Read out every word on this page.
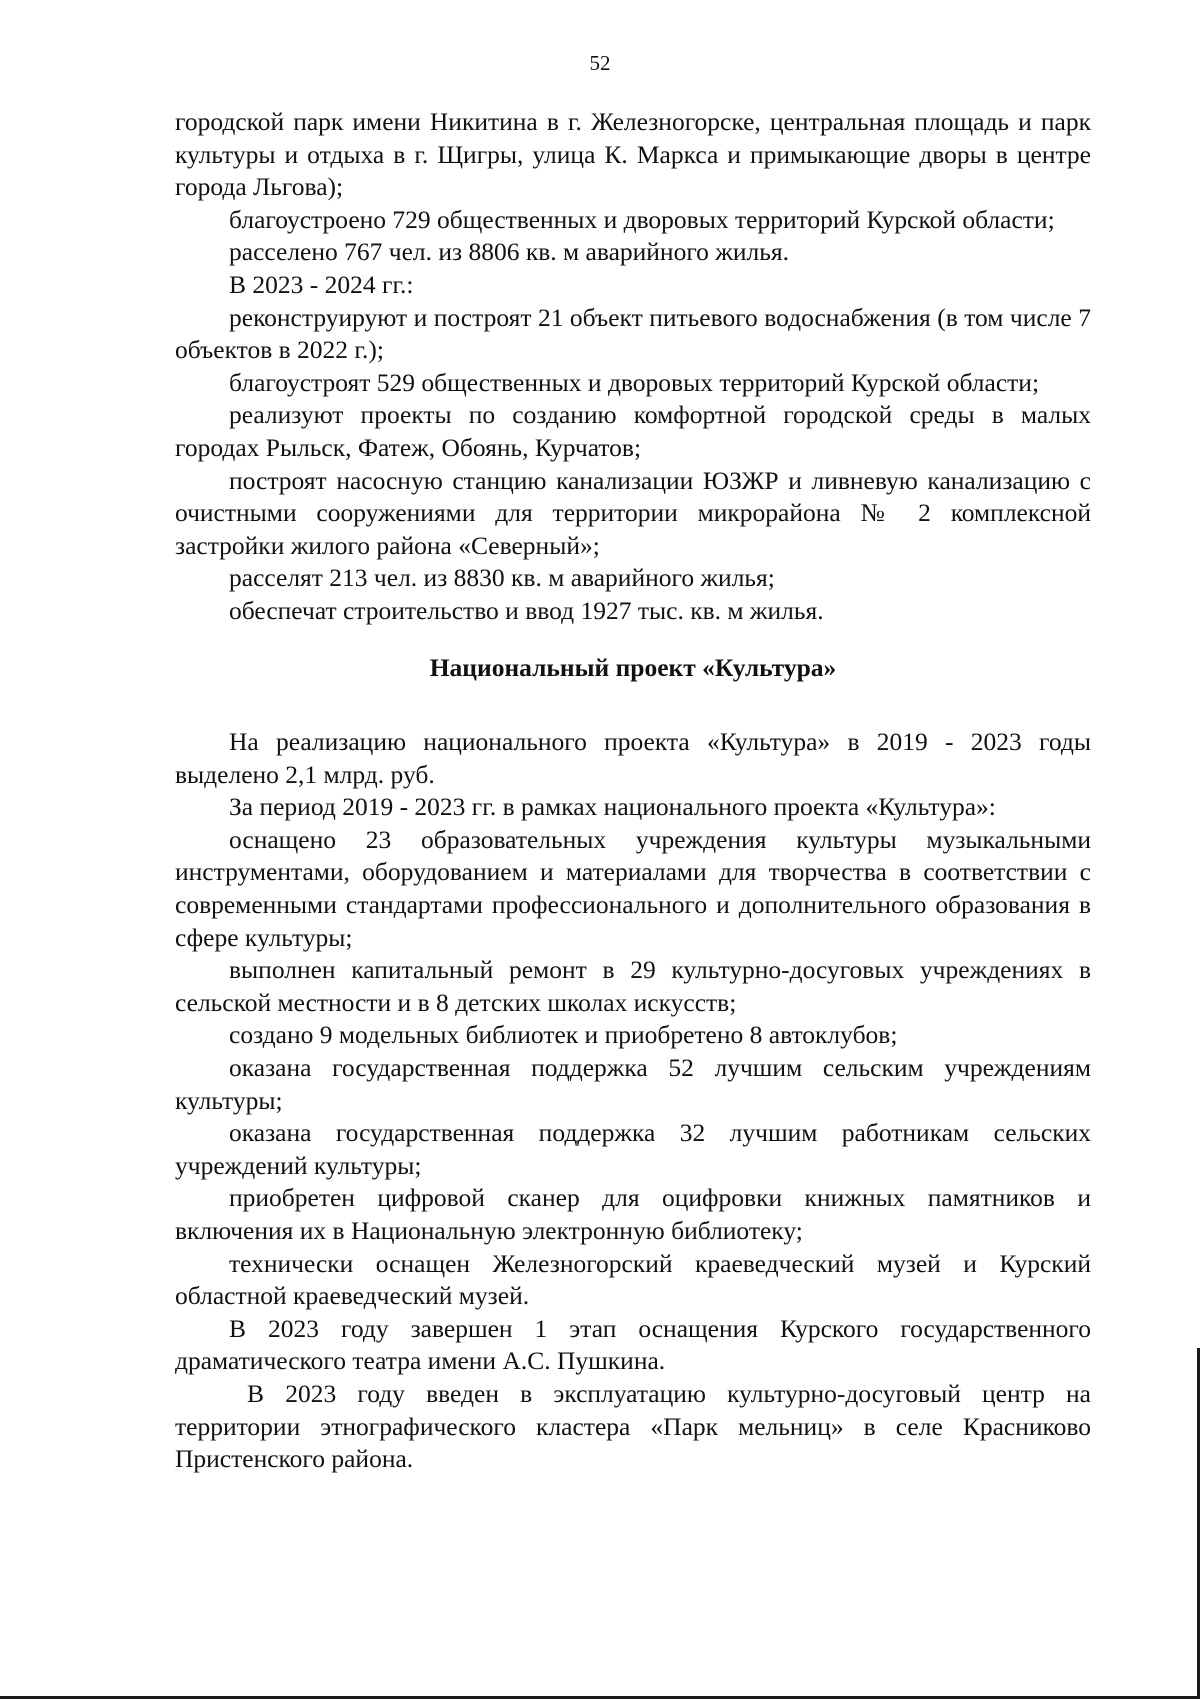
52

городской парк имени Никитина в г. Железногорске, центральная площадь и парк культуры и отдыха в г. Щигры, улица К. Маркса и примыкающие дворы в центре города Льгова);

благоустроено 729 общественных и дворовых территорий Курской области;

расселено 767 чел. из 8806 кв. м аварийного жилья.

В 2023 - 2024 гг.:

реконструируют и построят 21 объект питьевого водоснабжения (в том числе 7 объектов в 2022 г.);

благоустроят 529 общественных и дворовых территорий Курской области;

реализуют проекты по созданию комфортной городской среды в малых городах Рыльск, Фатеж, Обоянь, Курчатов;

построят насосную станцию канализации ЮЗЖР и ливневую канализацию с очистными сооружениями для территории микрорайона № 2 комплексной застройки жилого района «Северный»;

расселят 213 чел. из 8830 кв. м аварийного жилья;

обеспечат строительство и ввод 1927 тыс. кв. м жилья.

Национальный проект «Культура»

На реализацию национального проекта «Культура» в 2019 - 2023 годы выделено 2,1 млрд. руб.

За период 2019 - 2023 гг. в рамках национального проекта «Культура»:

оснащено 23 образовательных учреждения культуры музыкальными инструментами, оборудованием и материалами для творчества в соответствии с современными стандартами профессионального и дополнительного образования в сфере культуры;

выполнен капитальный ремонт в 29 культурно-досуговых учреждениях в сельской местности и в 8 детских школах искусств;

создано 9 модельных библиотек и приобретено 8 автоклубов;

оказана государственная поддержка 52 лучшим сельским учреждениям культуры;

оказана государственная поддержка 32 лучшим работникам сельских учреждений культуры;

приобретен цифровой сканер для оцифровки книжных памятников и включения их в Национальную электронную библиотеку;

технически оснащен Железногорский краеведческий музей и Курский областной краеведческий музей.

В 2023 году завершен 1 этап оснащения Курского государственного драматического театра имени А.С. Пушкина.

В 2023 году введен в эксплуатацию культурно-досуговый центр на территории этнографического кластера «Парк мельниц» в селе Красниково Пристенского района.
